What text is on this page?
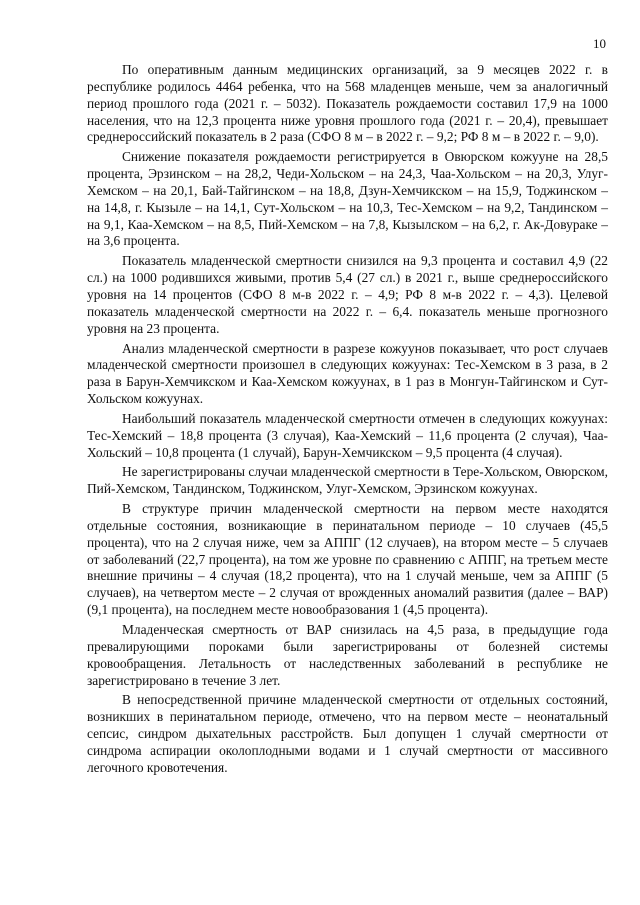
10

По оперативным данным медицинских организаций, за 9 месяцев 2022 г. в республике родилось 4464 ребенка, что на 568 младенцев меньше, чем за аналогичный период прошлого года (2021 г. – 5032). Показатель рождаемости составил 17,9 на 1000 населения, что на 12,3 процента ниже уровня прошлого года (2021 г. – 20,4), превышает среднероссийский показатель в 2 раза (СФО 8 м – в 2022 г. – 9,2; РФ 8 м – в 2022 г. – 9,0).

Снижение показателя рождаемости регистрируется в Овюрском кожууне на 28,5 процента, Эрзинском – на 28,2, Чеди-Хольском – на 24,3, Чаа-Хольском – на 20,3, Улуг-Хемском – на 20,1, Бай-Тайгинском – на 18,8, Дзун-Хемчикском – на 15,9, Тоджинском – на 14,8, г. Кызыле – на 14,1, Сут-Хольском – на 10,3, Тес-Хемском – на 9,2, Тандинском – на 9,1, Каа-Хемском – на 8,5, Пий-Хемском – на 7,8, Кызылском – на 6,2, г. Ак-Довураке – на 3,6 процента.

Показатель младенческой смертности снизился на 9,3 процента и составил 4,9 (22 сл.) на 1000 родившихся живыми, против 5,4 (27 сл.) в 2021 г., выше среднероссийского уровня на 14 процентов (СФО 8 м-в 2022 г. – 4,9; РФ 8 м-в 2022 г. – 4,3). Целевой показатель младенческой смертности на 2022 г. – 6,4. показатель меньше прогнозного уровня на 23 процента.

Анализ младенческой смертности в разрезе кожуунов показывает, что рост случаев младенческой смертности произошел в следующих кожуунах: Тес-Хемском в 3 раза, в 2 раза в Барун-Хемчикском и Каа-Хемском кожуунах, в 1 раз в Монгун-Тайгинском и Сут-Хольском кожуунах.

Наибольший показатель младенческой смертности отмечен в следующих кожуунах: Тес-Хемский – 18,8 процента (3 случая), Каа-Хемский – 11,6 процента (2 случая), Чаа-Хольский – 10,8 процента (1 случай), Барун-Хемчикском – 9,5 процента (4 случая).

Не зарегистрированы случаи младенческой смертности в Тере-Хольском, Овюрском, Пий-Хемском, Тандинском, Тоджинском, Улуг-Хемском, Эрзинском кожуунах.

В структуре причин младенческой смертности на первом месте находятся отдельные состояния, возникающие в перинатальном периоде – 10 случаев (45,5 процента), что на 2 случая ниже, чем за АППГ (12 случаев), на втором месте – 5 случаев от заболеваний (22,7 процента), на том же уровне по сравнению с АППГ, на третьем месте внешние причины – 4 случая (18,2 процента), что на 1 случай меньше, чем за АППГ (5 случаев), на четвертом месте – 2 случая от врожденных аномалий развития (далее – ВАР) (9,1 процента), на последнем месте новообразования 1 (4,5 процента).

Младенческая смертность от ВАР снизилась на 4,5 раза, в предыдущие года превалирующими пороками были зарегистрированы от болезней системы кровообращения. Летальность от наследственных заболеваний в республике не зарегистрировано в течение 3 лет.

В непосредственной причине младенческой смертности от отдельных состояний, возникших в перинатальном периоде, отмечено, что на первом месте – неонатальный сепсис, синдром дыхательных расстройств. Был допущен 1 случай смертности от синдрома аспирации околоплодными водами и 1 случай смертности от массивного легочного кровотечения.
